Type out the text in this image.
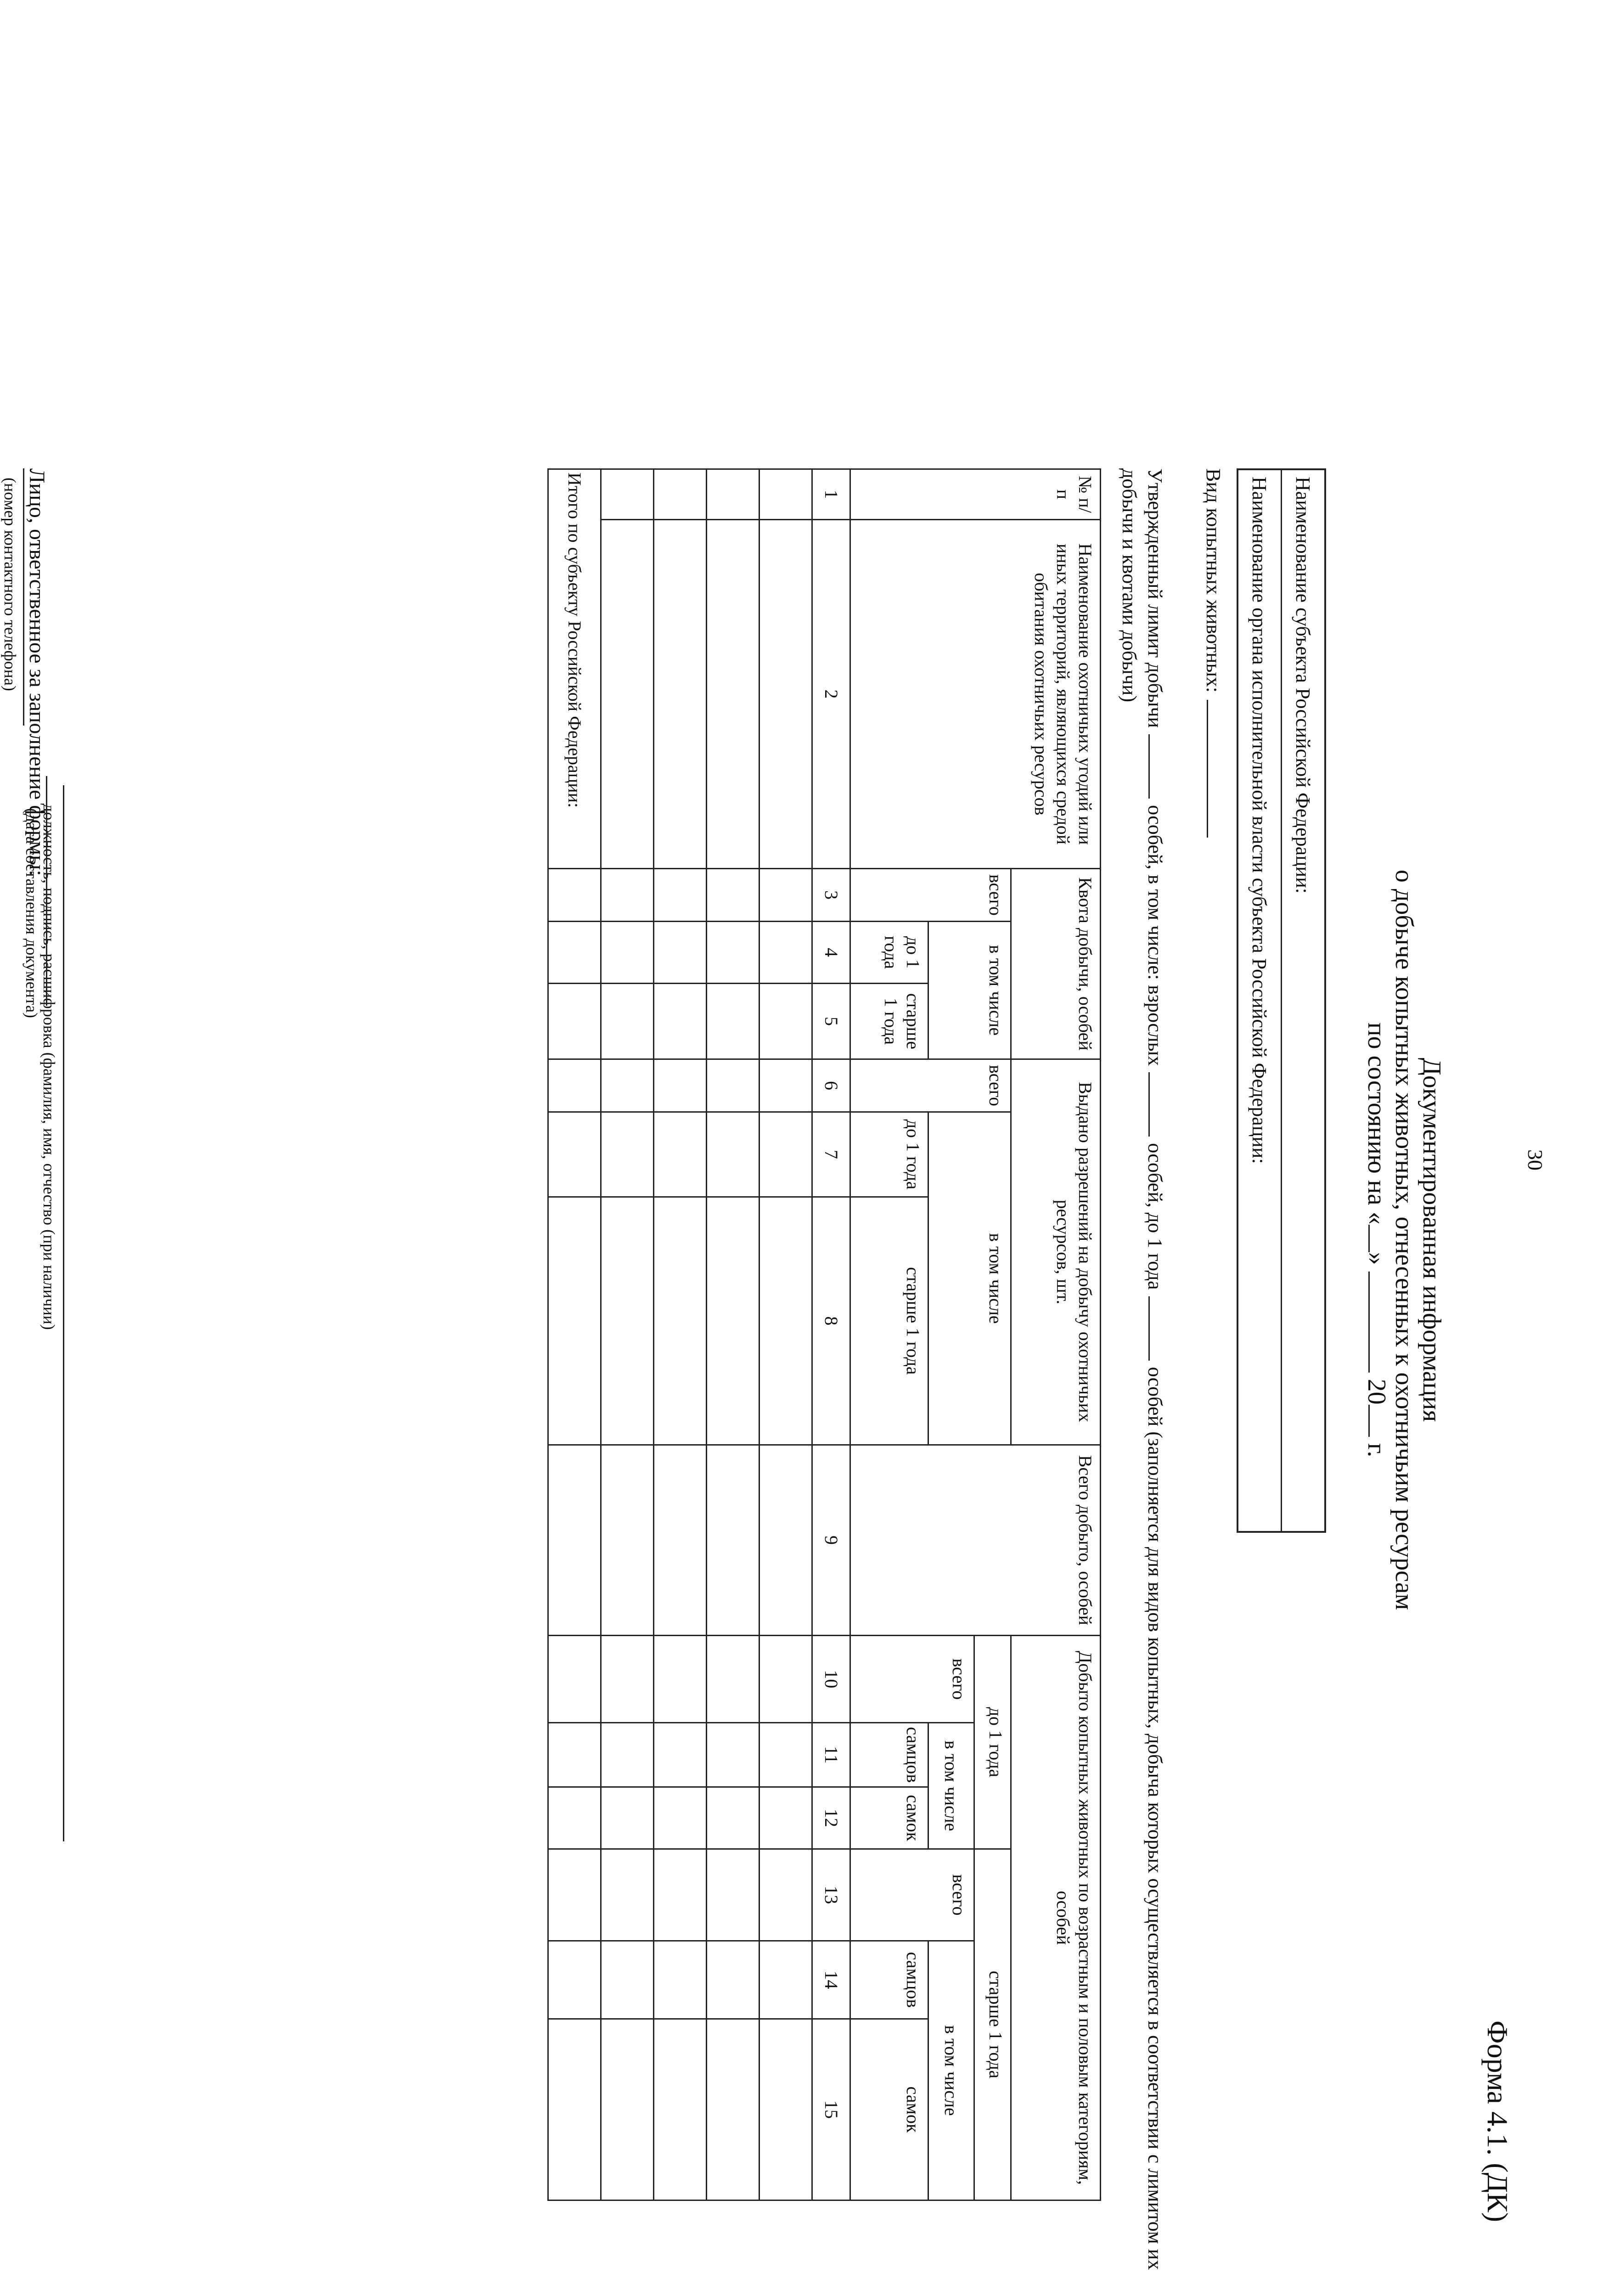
30
Форма 4.1. (ДК)
Документированная информация
о добыче копытных животных, отнесенных к охотничьим ресурсам
по состоянию на «»  20 г.
Наименование субъекта Российской Федерации:
Наименование органа исполнительной власти субъекта Российской Федерации:
Вид копытных животных:
Утвержденный лимит добычиособей, в том числе: взрослыхособей, до 1 годаособей (заполняется для видов копытных, добыча которых осуществляется в соответствии с лимитом их добычи и квотами добычи)
№ п/п	Наименование охотничьих угодий или иных территорий, являющихся средой обитания охотничьих ресурсов	Квота добычи, особей			Выдано разрешений на добычу охотничьих ресурсов, шт.			Всего добыто, особей	Добыто копытных животных по возрастным и половым категориям, особей					
		всего	в том числе		всего	в том числе			до 1 года			старше 1 года		
									всего	в том числе		всего	в том числе	
			до 1 года	старше 1 года		до 1 года	старше 1 года			самцов	самок		самцов	самок
1	2	3	4	5	6	7	8	9	10	11	12	13	14	15

Итого по субъекту Российской Федерации:														
Лицо, ответственное за заполнение формы:
должность, подпись, расшифровка (фамилия, имя, отчество (при наличии)
(дата составления документа)
(номер контактного телефона)
